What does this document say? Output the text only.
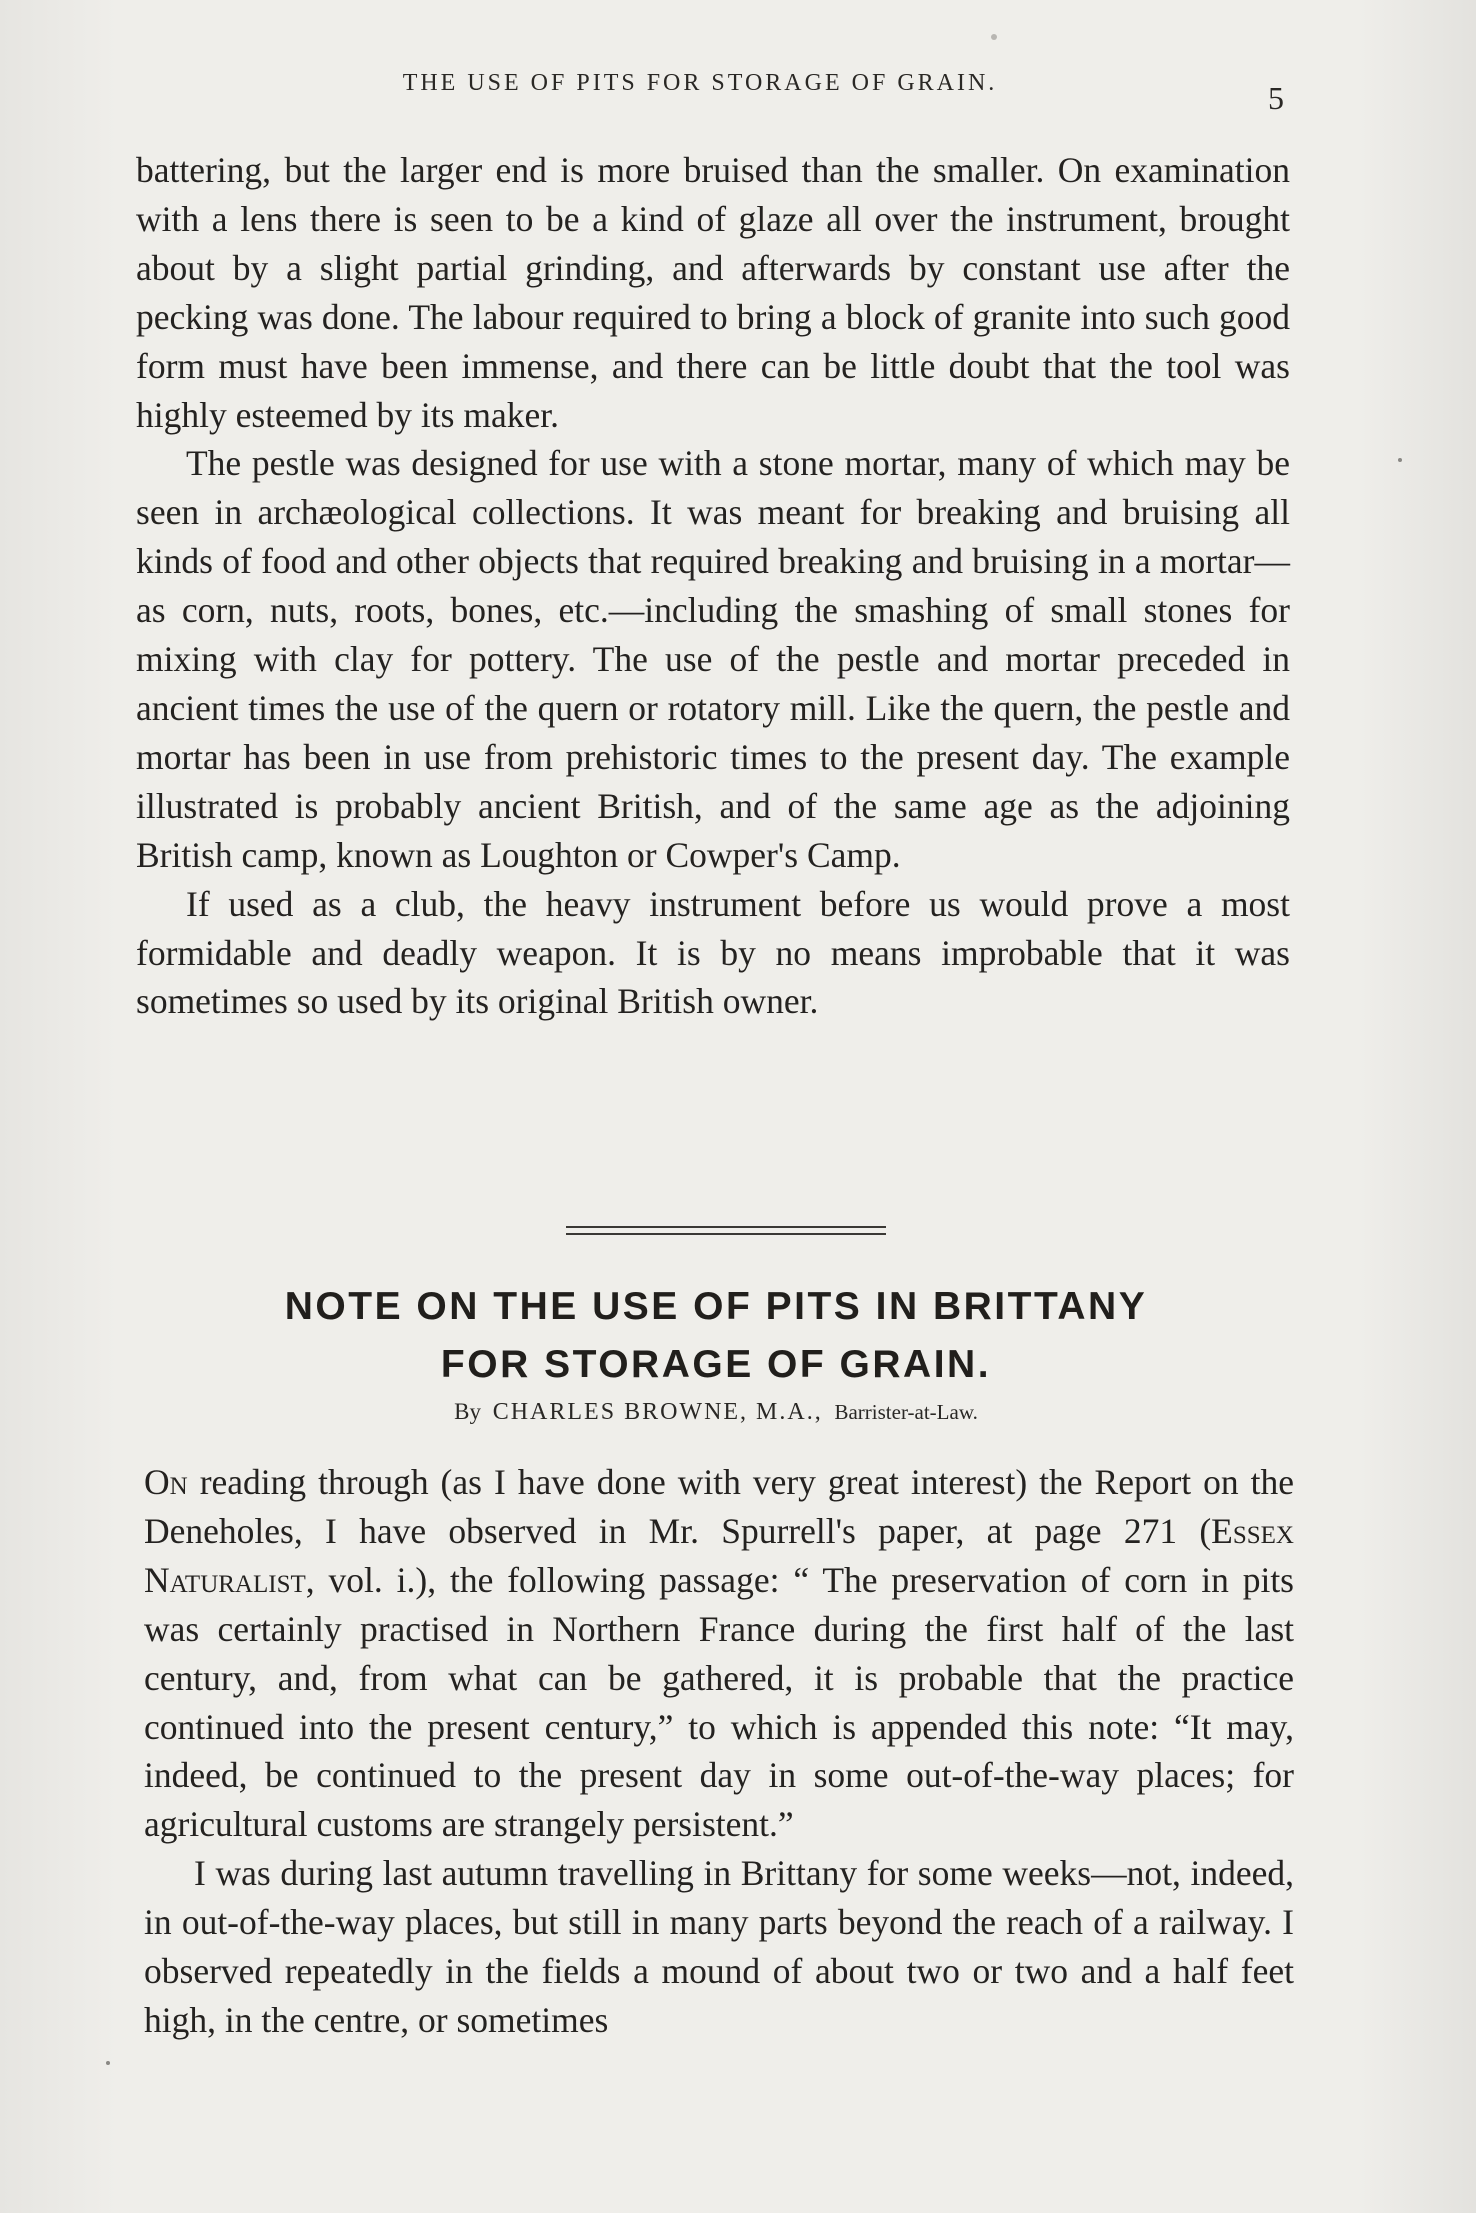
THE USE OF PITS FOR STORAGE OF GRAIN.	5

battering, but the larger end is more bruised than the smaller. On examination with a lens there is seen to be a kind of glaze all over the instrument, brought about by a slight partial grinding, and afterwards by constant use after the pecking was done. The labour required to bring a block of granite into such good form must have been immense, and there can be little doubt that the tool was highly esteemed by its maker.

The pestle was designed for use with a stone mortar, many of which may be seen in archæological collections. It was meant for breaking and bruising all kinds of food and other objects that required breaking and bruising in a mortar—as corn, nuts, roots, bones, etc.—including the smashing of small stones for mixing with clay for pottery. The use of the pestle and mortar preceded in ancient times the use of the quern or rotatory mill. Like the quern, the pestle and mortar has been in use from prehistoric times to the present day. The example illustrated is probably ancient British, and of the same age as the adjoining British camp, known as Loughton or Cowper's Camp.

If used as a club, the heavy instrument before us would prove a most formidable and deadly weapon. It is by no means improbable that it was sometimes so used by its original British owner.

NOTE ON THE USE OF PITS IN BRITTANY
FOR STORAGE OF GRAIN.
By CHARLES BROWNE, M.A., Barrister-at-Law.

On reading through (as I have done with very great interest) the Report on the Deneholes, I have observed in Mr. Spurrell's paper, at page 271 (Essex Naturalist, vol. i.), the following passage: “ The preservation of corn in pits was certainly practised in Northern France during the first half of the last century, and, from what can be gathered, it is probable that the practice continued into the present century,” to which is appended this note: “It may, indeed, be continued to the present day in some out-of-the-way places; for agricultural customs are strangely persistent.”

I was during last autumn travelling in Brittany for some weeks—not, indeed, in out-of-the-way places, but still in many parts beyond the reach of a railway. I observed repeatedly in the fields a mound of about two or two and a half feet high, in the centre, or sometimes
